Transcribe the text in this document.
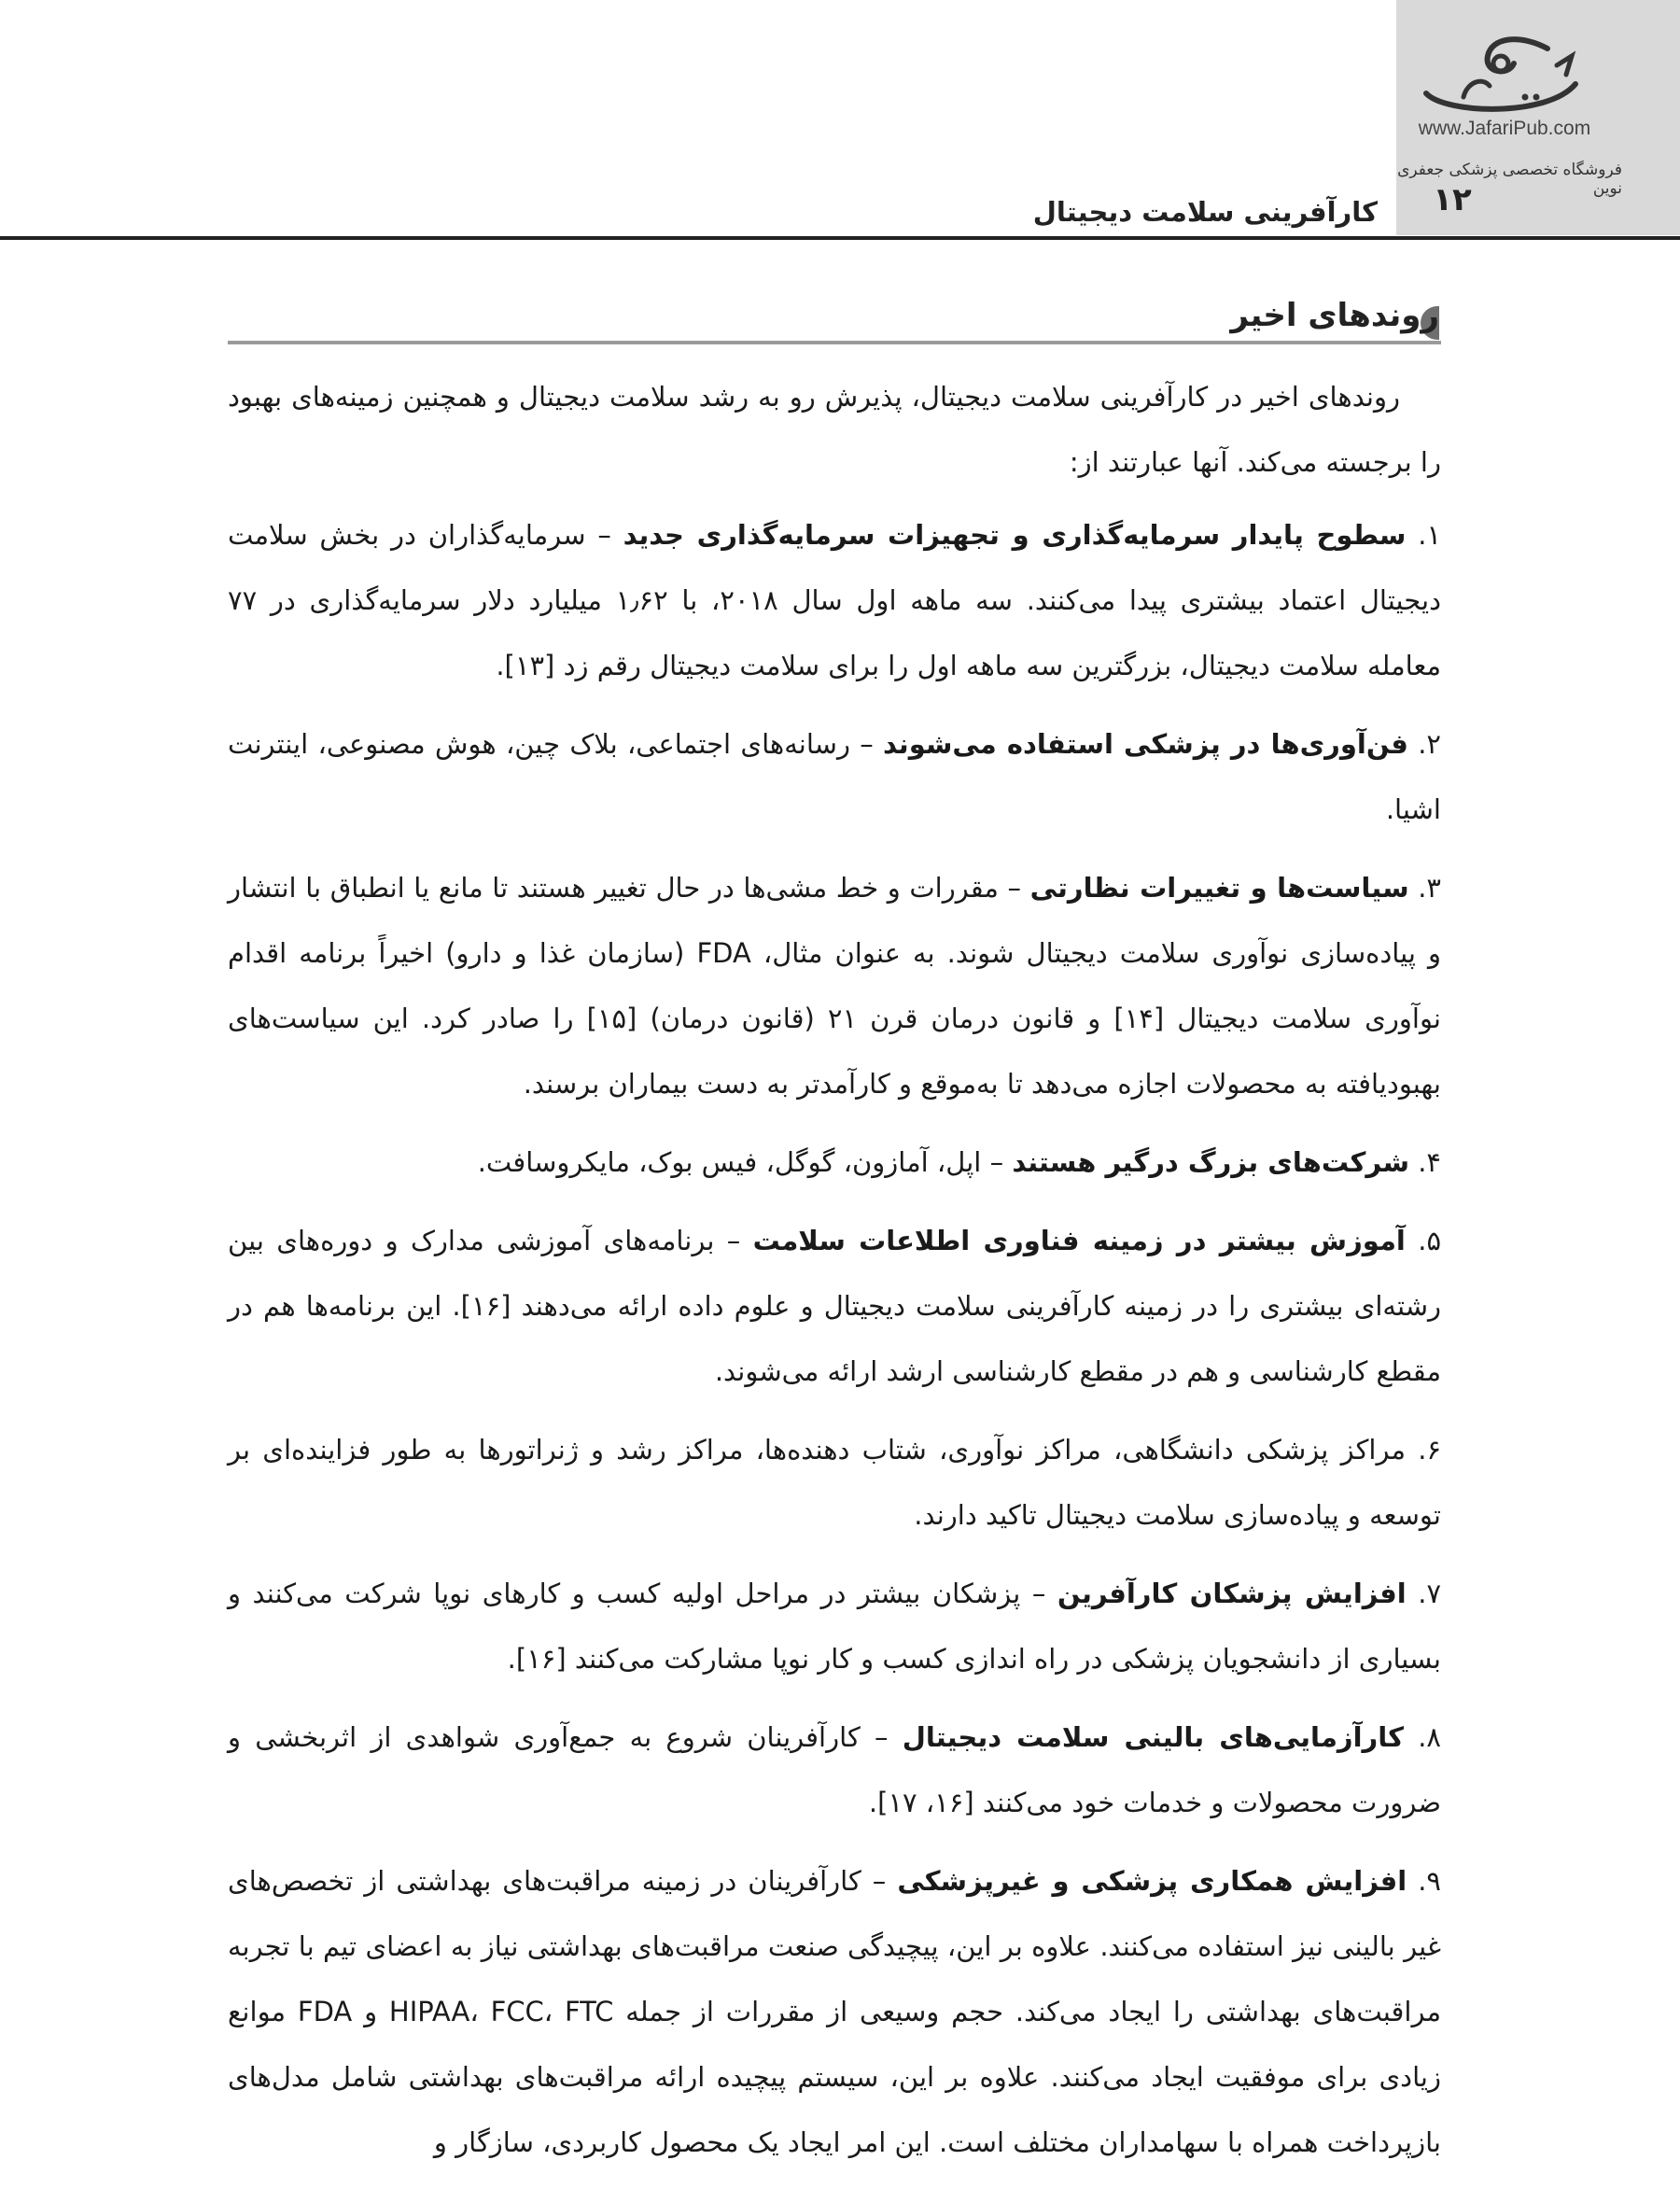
www.JafariPub.com
فروشگاه تخصصی پزشکی جعفری نوین
۱۲
کارآفرینی سلامت دیجیتال
روندهای اخیر

روندهای اخیر در کارآفرینی سلامت دیجیتال، پذیرش رو به رشد سلامت دیجیتال و همچنین زمینه‌های بهبود را برجسته می‌کند. آنها عبارتند از:

۱. سطوح پایدار سرمایه‌گذاری و تجهیزات سرمایه‌گذاری جدید – سرمایه‌گذاران در بخش سلامت دیجیتال اعتماد بیشتری پیدا می‌کنند. سه ماهه اول سال ۲۰۱۸، با ۱٫۶۲ میلیارد دلار سرمایه‌گذاری در ۷۷ معامله سلامت دیجیتال، بزرگترین سه ماهه اول را برای سلامت دیجیتال رقم زد [۱۳].

۲. فن‌آوری‌ها در پزشکی استفاده می‌شوند – رسانه‌های اجتماعی، بلاک چین، هوش مصنوعی، اینترنت اشیا.

۳. سیاست‌ها و تغییرات نظارتی – مقررات و خط مشی‌ها در حال تغییر هستند تا مانع یا انطباق با انتشار و پیاده‌سازی نوآوری سلامت دیجیتال شوند. به عنوان مثال، FDA (سازمان غذا و دارو) اخیراً برنامه اقدام نوآوری سلامت دیجیتال [۱۴] و قانون درمان قرن ۲۱ (قانون درمان) [۱۵] را صادر کرد. این سیاست‌های بهبودیافته به محصولات اجازه می‌دهد تا به‌موقع و کارآمدتر به دست بیماران برسند.

۴. شرکت‌های بزرگ درگیر هستند – اپل، آمازون، گوگل، فیس بوک، مایکروسافت.

۵. آموزش بیشتر در زمینه فناوری اطلاعات سلامت – برنامه‌های آموزشی مدارک و دوره‌های بین رشته‌ای بیشتری را در زمینه کارآفرینی سلامت دیجیتال و علوم داده ارائه می‌دهند [۱۶]. این برنامه‌ها هم در مقطع کارشناسی و هم در مقطع کارشناسی ارشد ارائه می‌شوند.

۶. مراکز پزشکی دانشگاهی، مراکز نوآوری، شتاب دهنده‌ها، مراکز رشد و ژنراتورها به طور فزاینده‌ای بر توسعه و پیاده‌سازی سلامت دیجیتال تاکید دارند.

۷. افزایش پزشکان کارآفرین – پزشکان بیشتر در مراحل اولیه کسب و کارهای نوپا شرکت می‌کنند و بسیاری از دانشجویان پزشکی در راه اندازی کسب و کار نوپا مشارکت می‌کنند [۱۶].

۸. کارآزمایی‌های بالینی سلامت دیجیتال – کارآفرینان شروع به جمع‌آوری شواهدی از اثربخشی و ضرورت محصولات و خدمات خود می‌کنند [۱۶، ۱۷].

۹. افزایش همکاری پزشکی و غیرپزشکی – کارآفرینان در زمینه مراقبت‌های بهداشتی از تخصص‌های غیر بالینی نیز استفاده می‌کنند. علاوه بر این، پیچیدگی صنعت مراقبت‌های بهداشتی نیاز به اعضای تیم با تجربه مراقبت‌های بهداشتی را ایجاد می‌کند. حجم وسیعی از مقررات از جمله HIPAA، FCC، FTC و FDA موانع زیادی برای موفقیت ایجاد می‌کنند. علاوه بر این، سیستم پیچیده ارائه مراقبت‌های بهداشتی شامل مدل‌های بازپرداخت همراه با سهامداران مختلف است. این امر ایجاد یک محصول کاربردی، سازگار و
